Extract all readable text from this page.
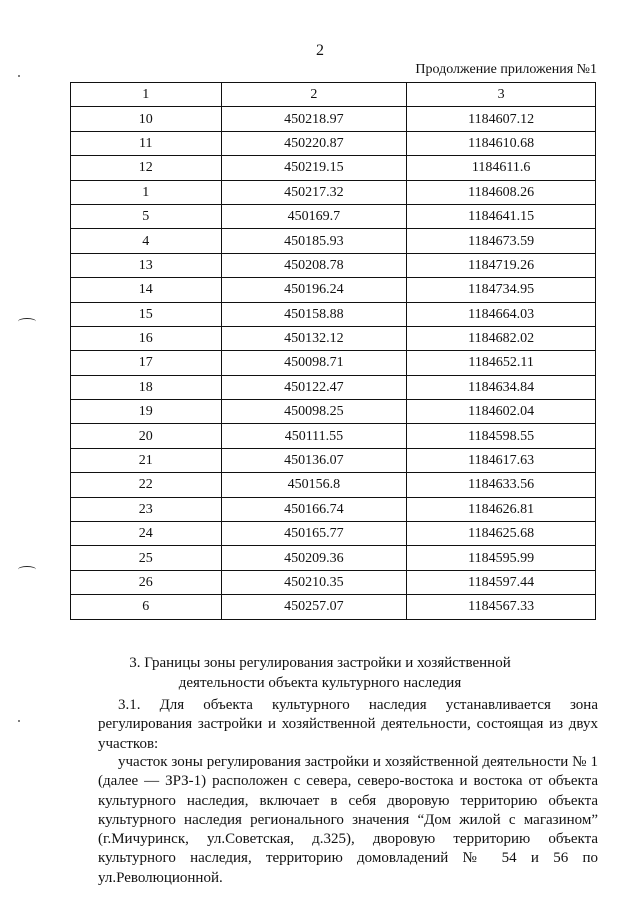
2
Продолжение приложения №1
1	2	3
10	450218.97	1184607.12
11	450220.87	1184610.68
12	450219.15	1184611.6
1	450217.32	1184608.26
5	450169.7	1184641.15
4	450185.93	1184673.59
13	450208.78	1184719.26
14	450196.24	1184734.95
15	450158.88	1184664.03
16	450132.12	1184682.02
17	450098.71	1184652.11
18	450122.47	1184634.84
19	450098.25	1184602.04
20	450111.55	1184598.55
21	450136.07	1184617.63
22	450156.8	1184633.56
23	450166.74	1184626.81
24	450165.77	1184625.68
25	450209.36	1184595.99
26	450210.35	1184597.44
6	450257.07	1184567.33
3. Границы зоны регулирования застройки и хозяйственной
деятельности объекта культурного наследия
3.1. Для объекта культурного наследия устанавливается зона регулирования застройки и хозяйственной деятельности, состоящая из двух участков:
участок зоны регулирования застройки и хозяйственной деятельности № 1 (далее — ЗРЗ-1) расположен с севера, северо-востока и востока от объекта культурного наследия, включает в себя дворовую территорию объекта культурного наследия регионального значения “Дом жилой с магазином” (г.Мичуринск, ул.Советская, д.325), дворовую территорию объекта культурного наследия, территорию домовладений № 54 и 56 по ул.Революционной.
